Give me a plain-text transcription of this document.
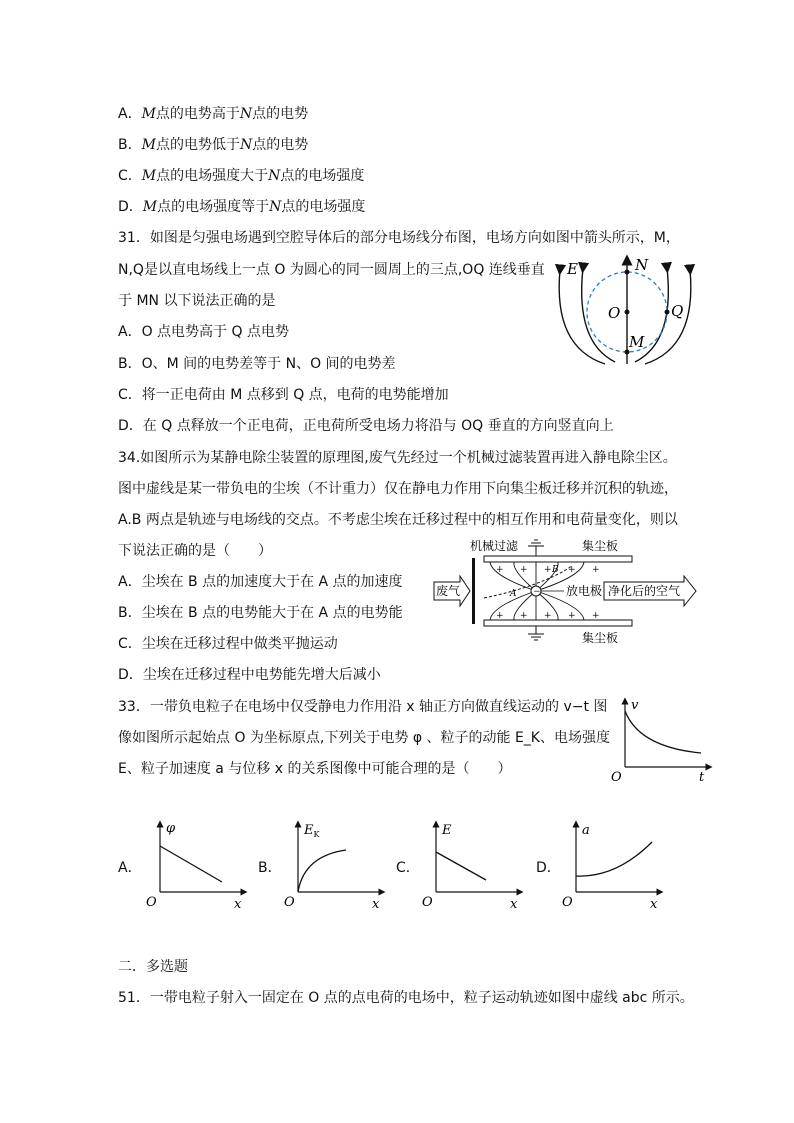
A．M点的电势高于N点的电势
B．M点的电势低于N点的电势
C．M点的电场强度大于N点的电场强度
D．M点的电场强度等于N点的电场强度
31．如图是匀强电场遇到空腔导体后的部分电场线分布图，电场方向如图中箭头所示，M，
N,Q是以直电场线上一点 O 为圆心的同一圆周上的三点,OQ 连线垂直
于 MN 以下说法正确的是
A．O 点电势高于 Q 点电势
B．O、M 间的电势差等于 N、O 间的电势差
C．将一正电荷由 M 点移到 Q 点，电荷的电势能增加
D．在 Q 点释放一个正电荷，正电荷所受电场力将沿与 OQ 垂直的方向竖直向上
E	N
O	Q
M
34.如图所示为某静电除尘装置的原理图,废气先经过一个机械过滤装置再进入静电除尘区。
图中虚线是某一带负电的尘埃（不计重力）仅在静电力作用下向集尘板迁移并沉积的轨迹，
A.B 两点是轨迹与电场线的交点。不考虑尘埃在迁移过程中的相互作用和电荷量变化，则以
下说法正确的是（　　）
A．尘埃在 B 点的加速度大于在 A 点的加速度
B．尘埃在 B 点的电势能大于在 A 点的电势能
C．尘埃在迁移过程中做类平抛运动
D．尘埃在迁移过程中电势能先增大后减小
+ + + + +
+ + + + +
−
机械过滤	集尘板
集尘板
废气	放电极 净化后的空气
A
B
33．一带负电粒子在电场中仅受静电力作用沿 x 轴正方向做直线运动的 v−t 图
像如图所示起始点 O 为坐标原点,下列关于电势 φ 、粒子的动能 E_K、电场强度
E、粒子加速度 a 与位移 x 的关系图像中可能合理的是（　　）
v
t
O
A．
φ
x
O
B．
$E_K$
x
O
C．
E
x
O
D．
a
x
O
二．多选题
51．一带电粒子射入一固定在 O 点的点电荷的电场中，粒子运动轨迹如图中虚线 abc 所示。
